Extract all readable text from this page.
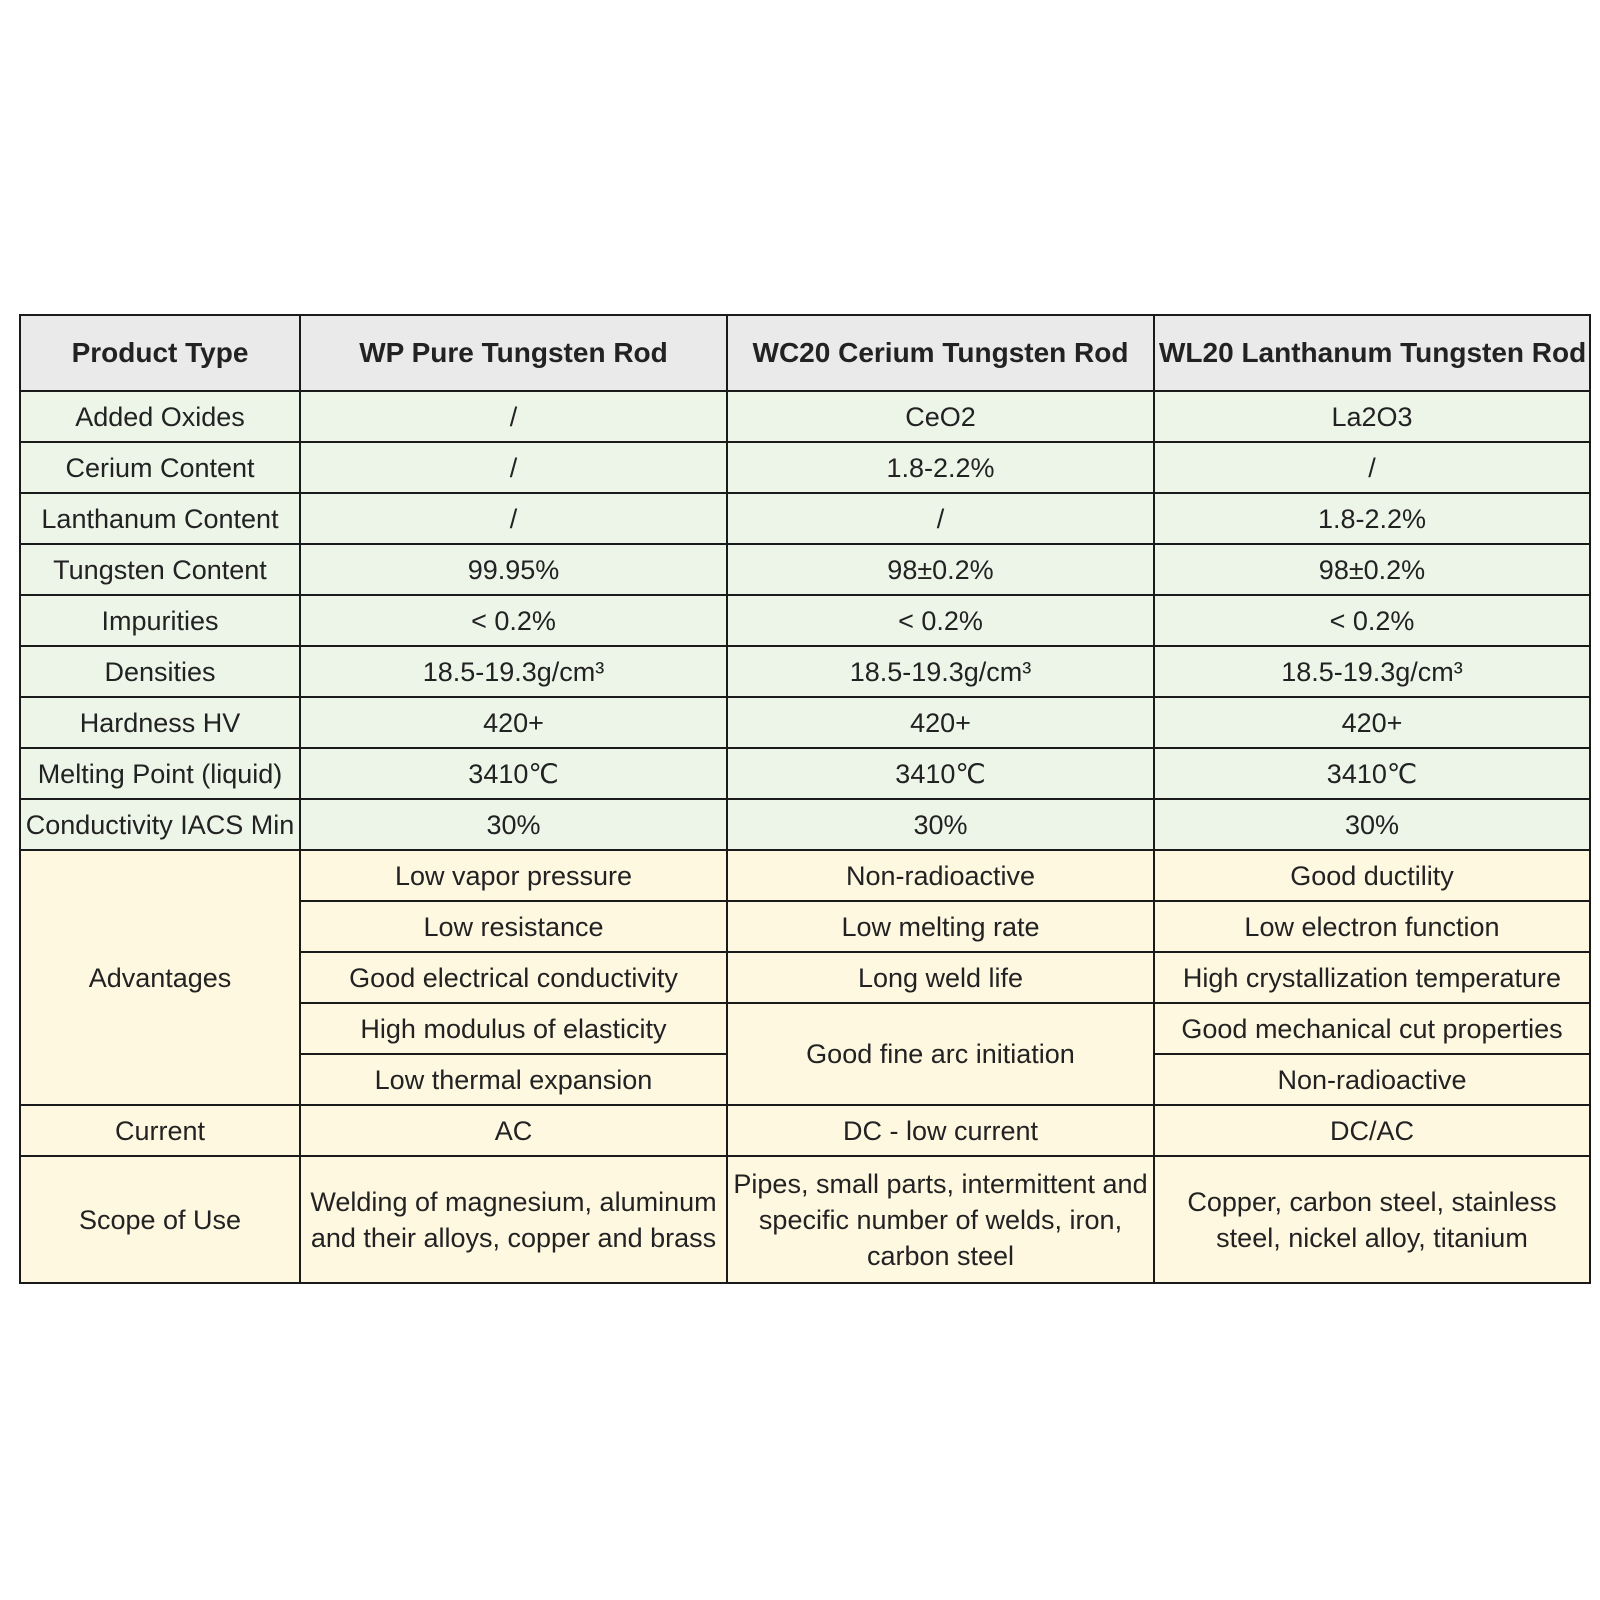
Product Type	WP Pure Tungsten Rod	WC20 Cerium Tungsten Rod	WL20 Lanthanum Tungsten Rod
Added Oxides	/	CeO2	La2O3
Cerium Content	/	1.8-2.2%	/
Lanthanum Content	/	/	1.8-2.2%
Tungsten Content	99.95%	98±0.2%	98±0.2%
Impurities	< 0.2%	< 0.2%	< 0.2%
Densities	18.5-19.3g/cm³	18.5-19.3g/cm³	18.5-19.3g/cm³
Hardness HV	420+	420+	420+
Melting Point (liquid)	3410℃	3410℃	3410℃
Conductivity IACS Min	30%	30%	30%
Advantages	Low vapor pressure	Non-radioactive	Good ductility
	Low resistance	Low melting rate	Low electron function
	Good electrical conductivity	Long weld life	High crystallization temperature
	High modulus of elasticity	Good fine arc initiation	Good mechanical cut properties
	Low thermal expansion		Non-radioactive
Current	AC	DC - low current	DC/AC
Scope of Use	Welding of magnesium, aluminum and their alloys, copper and brass	Pipes, small parts, intermittent and specific number of welds, iron, carbon steel	Copper, carbon steel, stainless steel, nickel alloy, titanium
